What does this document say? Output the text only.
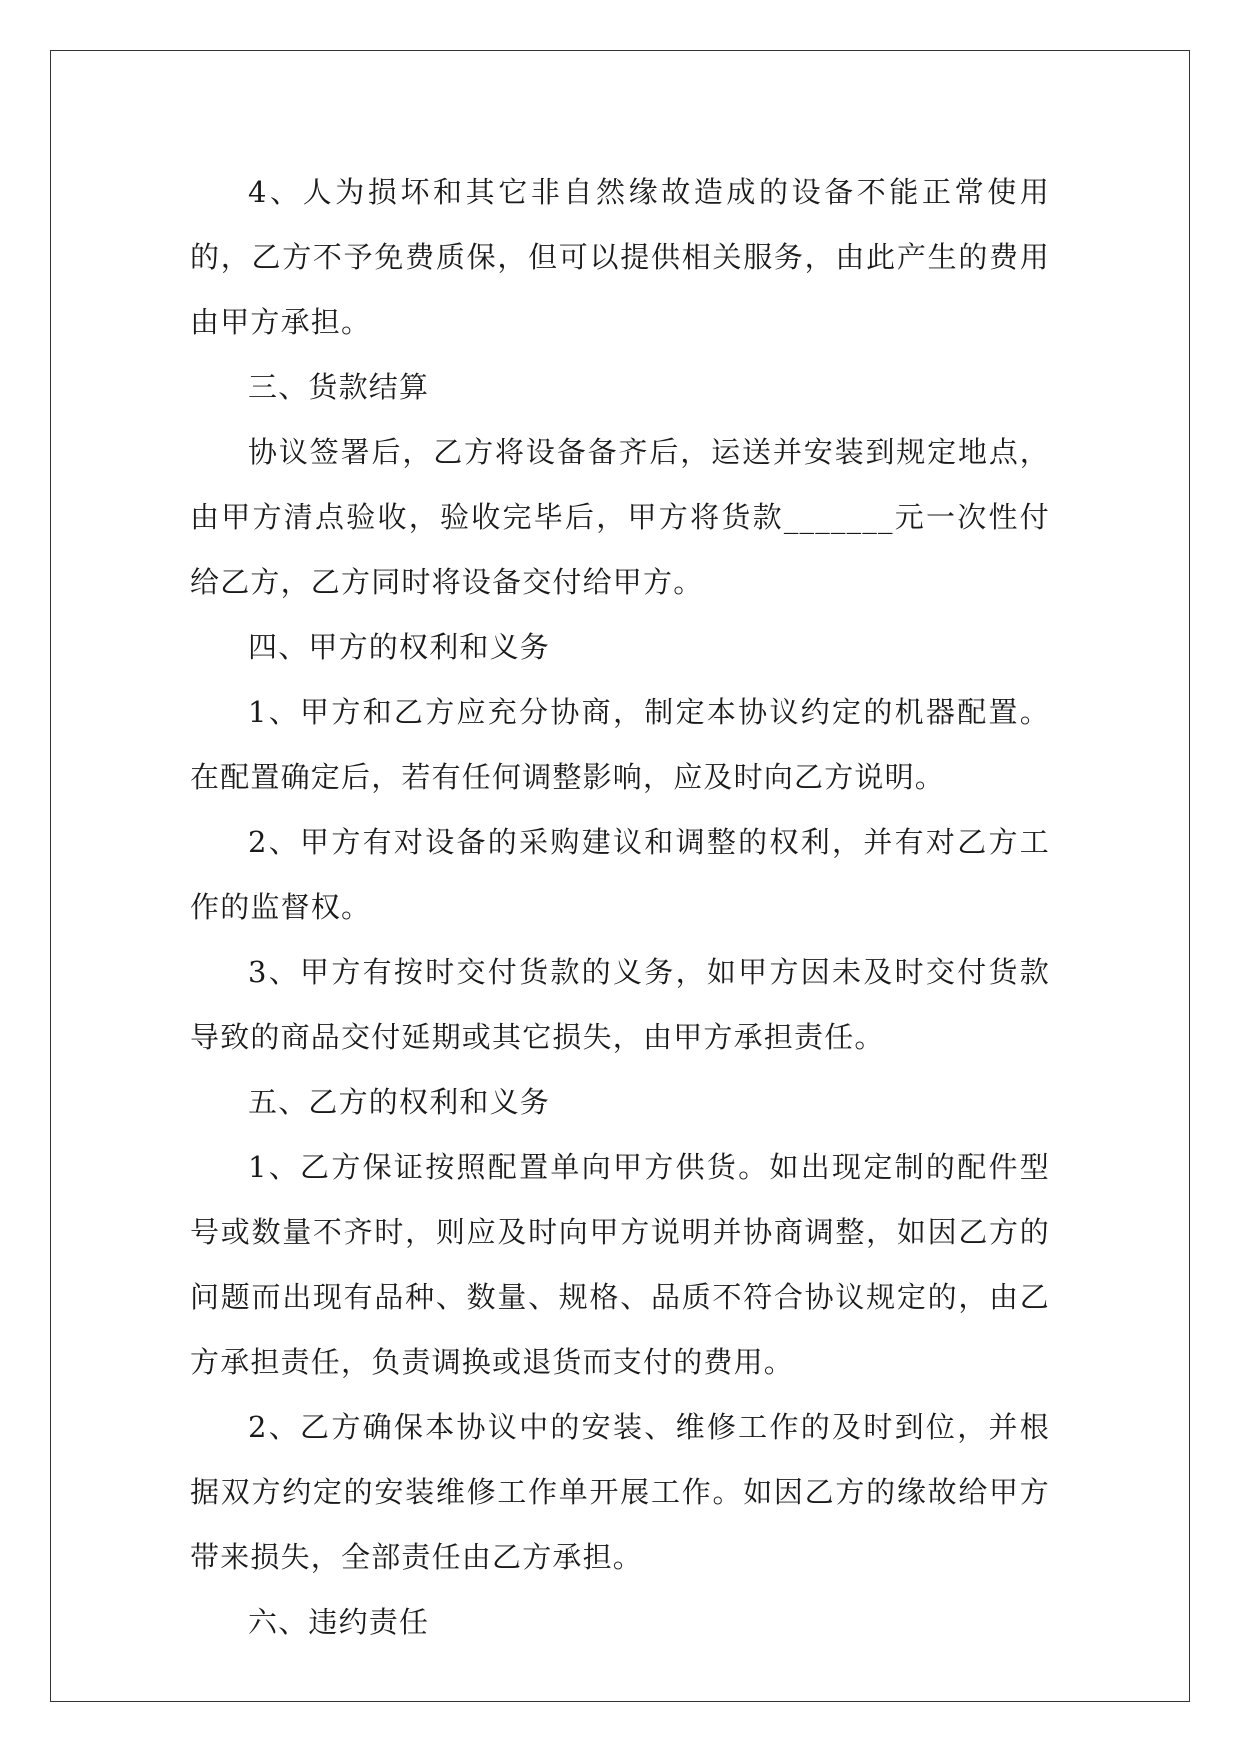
4、人为损坏和其它非自然缘故造成的设备不能正常使用的，乙方不予免费质保，但可以提供相关服务，由此产生的费用由甲方承担。

三、货款结算

协议签署后，乙方将设备备齐后，运送并安装到规定地点，由甲方清点验收，验收完毕后，甲方将货款_______元一次性付给乙方，乙方同时将设备交付给甲方。

四、甲方的权利和义务

1、甲方和乙方应充分协商，制定本协议约定的机器配置。在配置确定后，若有任何调整影响，应及时向乙方说明。

2、甲方有对设备的采购建议和调整的权利，并有对乙方工作的监督权。

3、甲方有按时交付货款的义务，如甲方因未及时交付货款导致的商品交付延期或其它损失，由甲方承担责任。

五、乙方的权利和义务

1、乙方保证按照配置单向甲方供货。如出现定制的配件型号或数量不齐时，则应及时向甲方说明并协商调整，如因乙方的问题而出现有品种、数量、规格、品质不符合协议规定的，由乙方承担责任，负责调换或退货而支付的费用。

2、乙方确保本协议中的安装、维修工作的及时到位，并根据双方约定的安装维修工作单开展工作。如因乙方的缘故给甲方带来损失，全部责任由乙方承担。

六、违约责任
